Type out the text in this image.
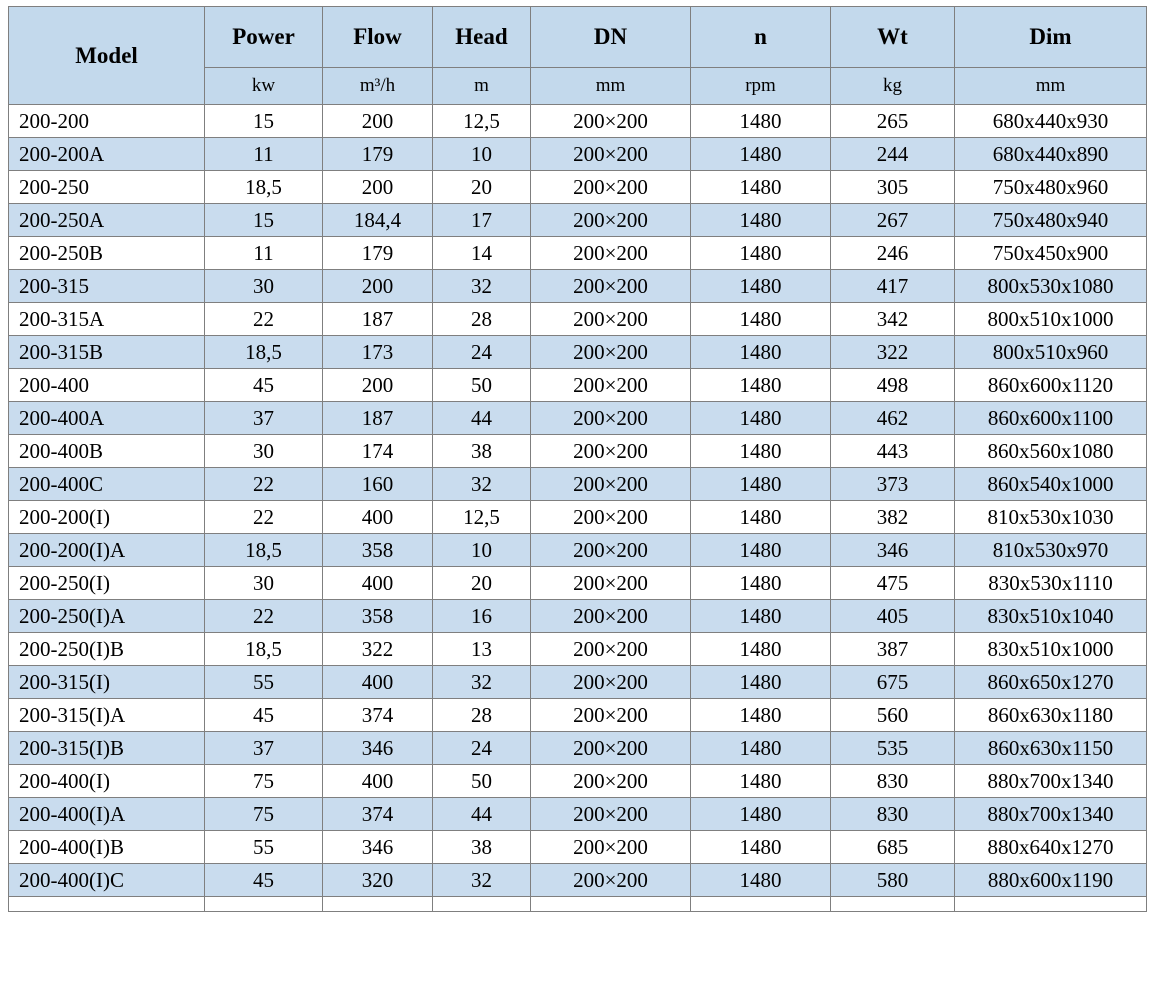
Model	Power	Flow	Head	DN	n	Wt	Dim
	kw	m³/h	m	mm	rpm	kg	mm
200-200	15	200	12,5	200×200	1480	265	680x440x930
200-200A	11	179	10	200×200	1480	244	680x440x890
200-250	18,5	200	20	200×200	1480	305	750x480x960
200-250A	15	184,4	17	200×200	1480	267	750x480x940
200-250B	11	179	14	200×200	1480	246	750x450x900
200-315	30	200	32	200×200	1480	417	800x530x1080
200-315A	22	187	28	200×200	1480	342	800x510x1000
200-315B	18,5	173	24	200×200	1480	322	800x510x960
200-400	45	200	50	200×200	1480	498	860x600x1120
200-400A	37	187	44	200×200	1480	462	860x600x1100
200-400B	30	174	38	200×200	1480	443	860x560x1080
200-400C	22	160	32	200×200	1480	373	860x540x1000
200-200(I)	22	400	12,5	200×200	1480	382	810x530x1030
200-200(I)A	18,5	358	10	200×200	1480	346	810x530x970
200-250(I)	30	400	20	200×200	1480	475	830x530x1110
200-250(I)A	22	358	16	200×200	1480	405	830x510x1040
200-250(I)B	18,5	322	13	200×200	1480	387	830x510x1000
200-315(I)	55	400	32	200×200	1480	675	860x650x1270
200-315(I)A	45	374	28	200×200	1480	560	860x630x1180
200-315(I)B	37	346	24	200×200	1480	535	860x630x1150
200-400(I)	75	400	50	200×200	1480	830	880x700x1340
200-400(I)A	75	374	44	200×200	1480	830	880x700x1340
200-400(I)B	55	346	38	200×200	1480	685	880x640x1270
200-400(I)C	45	320	32	200×200	1480	580	880x600x1190
